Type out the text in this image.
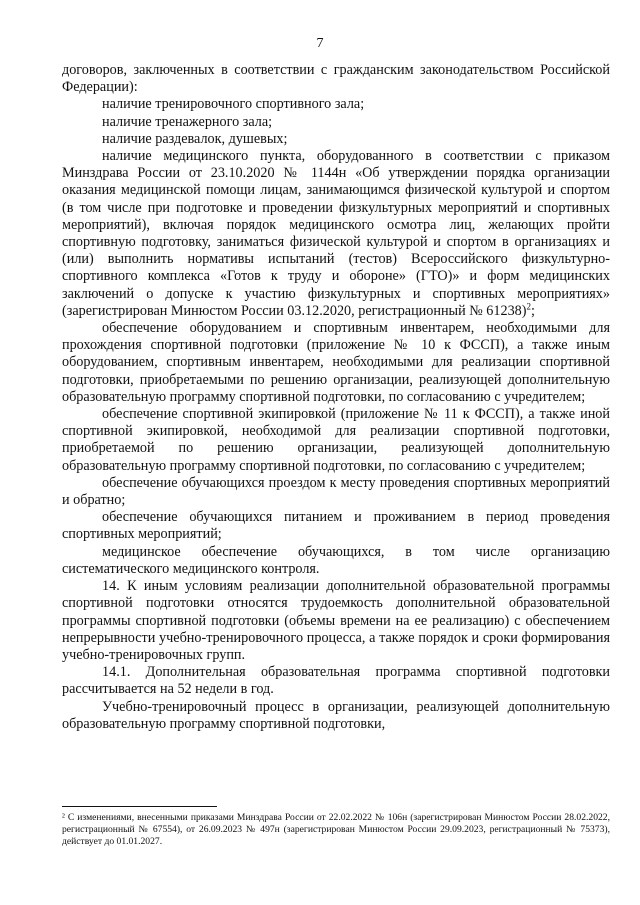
7

договоров, заключенных в соответствии с гражданским законодательством Российской Федерации):

наличие тренировочного спортивного зала;

наличие тренажерного зала;

наличие раздевалок, душевых;

наличие медицинского пункта, оборудованного в соответствии с приказом Минздрава России от 23.10.2020 № 1144н «Об утверждении порядка организации оказания медицинской помощи лицам, занимающимся физической культурой и спортом (в том числе при подготовке и проведении физкультурных мероприятий и спортивных мероприятий), включая порядок медицинского осмотра лиц, желающих пройти спортивную подготовку, заниматься физической культурой и спортом в организациях и (или) выполнить нормативы испытаний (тестов) Всероссийского физкультурно-спортивного комплекса «Готов к труду и обороне» (ГТО)» и форм медицинских заключений о допуске к участию физкультурных и спортивных мероприятиях» (зарегистрирован Минюстом России 03.12.2020, регистрационный № 61238)$^2$;

обеспечение оборудованием и спортивным инвентарем, необходимыми для прохождения спортивной подготовки (приложение № 10 к ФССП), а также иным оборудованием, спортивным инвентарем, необходимыми для реализации спортивной подготовки, приобретаемыми по решению организации, реализующей дополнительную образовательную программу спортивной подготовки, по согласованию с учредителем;

обеспечение спортивной экипировкой (приложение № 11 к ФССП), а также иной спортивной экипировкой, необходимой для реализации спортивной подготовки, приобретаемой по решению организации, реализующей дополнительную образовательную программу спортивной подготовки, по согласованию с учредителем;

обеспечение обучающихся проездом к месту проведения спортивных мероприятий и обратно;

обеспечение обучающихся питанием и проживанием в период проведения спортивных мероприятий;

медицинское обеспечение обучающихся, в том числе организацию систематического медицинского контроля.

14. К иным условиям реализации дополнительной образовательной программы спортивной подготовки относятся трудоемкость дополнительной образовательной программы спортивной подготовки (объемы времени на ее реализацию) с обеспечением непрерывности учебно-тренировочного процесса, а также порядок и сроки формирования учебно-тренировочных групп.

14.1. Дополнительная образовательная программа спортивной подготовки рассчитывается на 52 недели в год.

Учебно-тренировочный процесс в организации, реализующей дополнительную образовательную программу спортивной подготовки,

² С изменениями, внесенными приказами Минздрава России от 22.02.2022 № 106н (зарегистрирован Минюстом России 28.02.2022, регистрационный № 67554), от 26.09.2023 № 497н (зарегистрирован Минюстом России 29.09.2023, регистрационный № 75373), действует до 01.01.2027.
